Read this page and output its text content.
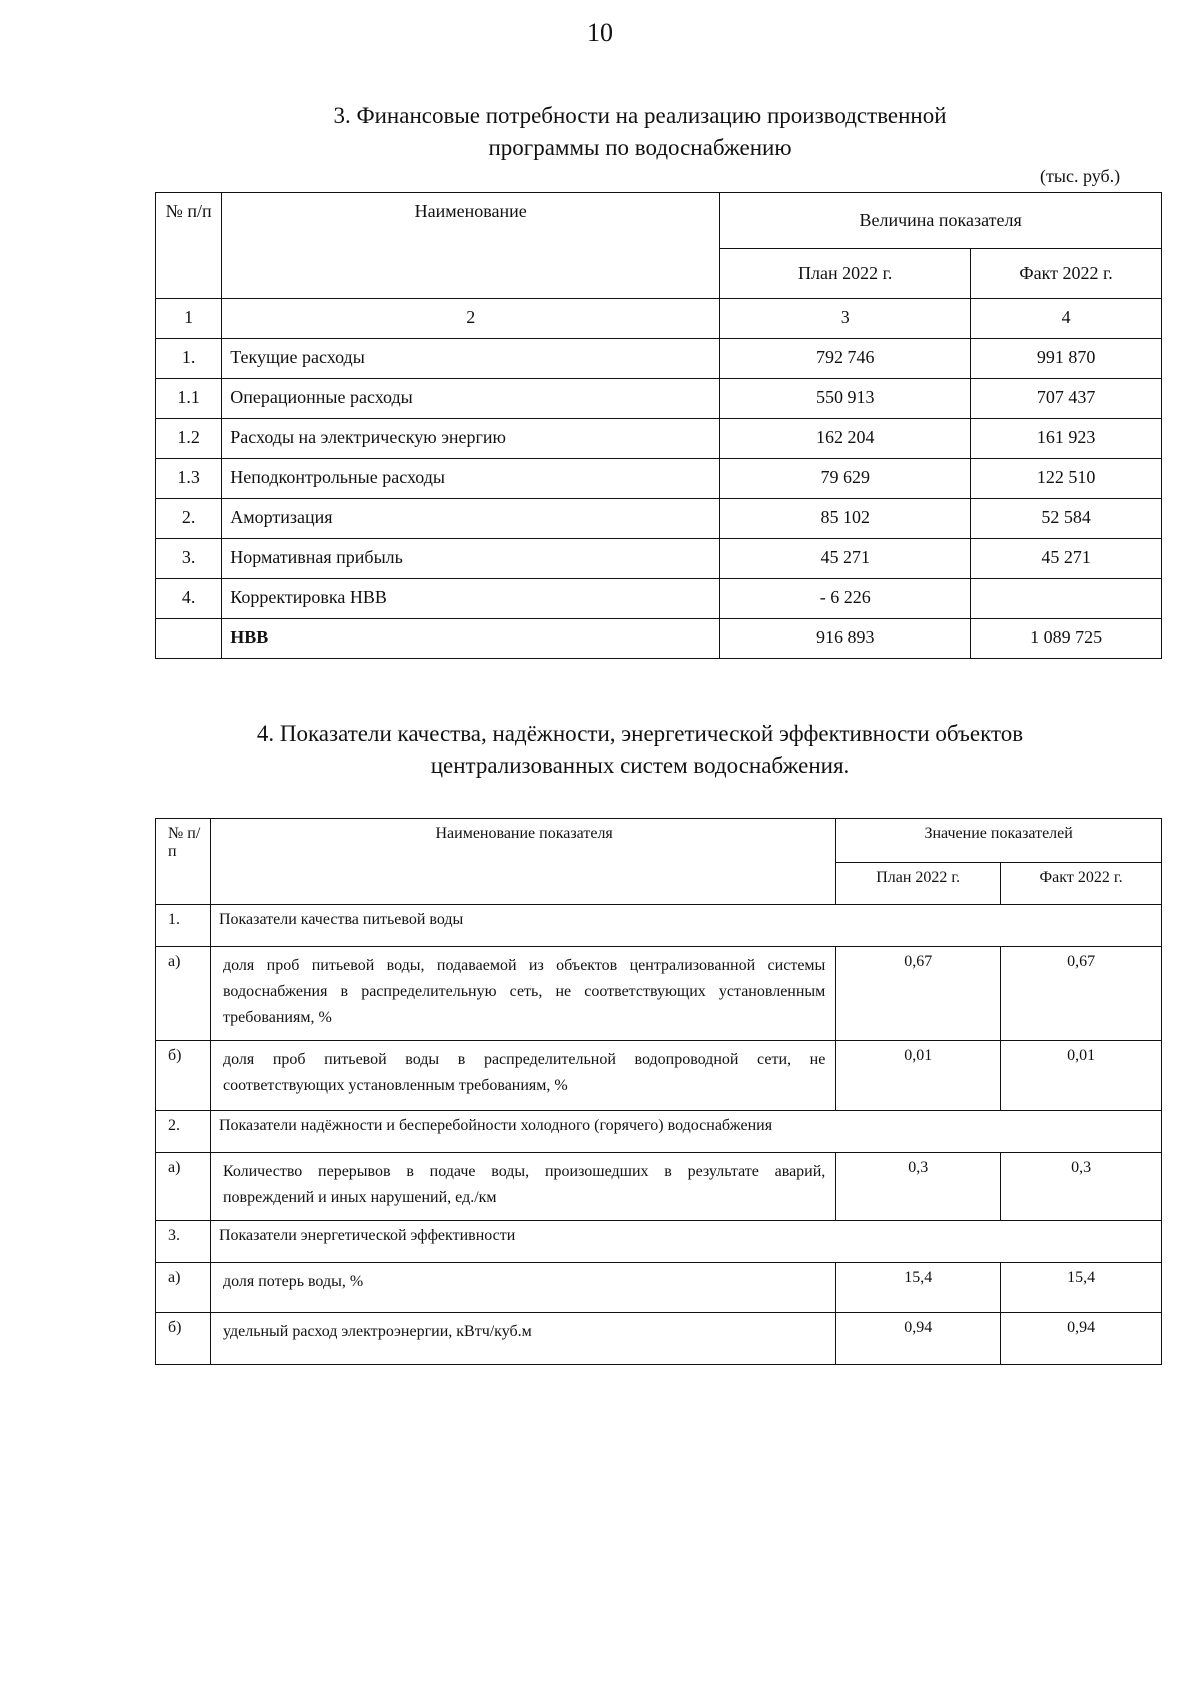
10
3. Финансовые потребности на реализацию производственной
программы по водоснабжению
(тыс. руб.)
№ п/п	Наименование	Величина показателя	
		План 2022 г.	Факт 2022 г.
1	2	3	4
1.	Текущие расходы	792 746	991 870
1.1	Операционные расходы	550 913	707 437
1.2	Расходы на электрическую энергию	162 204	161 923
1.3	Неподконтрольные расходы	79 629	122 510
2.	Амортизация	85 102	52 584
3.	Нормативная прибыль	45 271	45 271
4.	Корректировка НВВ	- 6 226	
	НВВ	916 893	1 089 725
4. Показатели качества, надёжности, энергетической эффективности объектов
централизованных систем водоснабжения.
№ п/п	Наименование показателя	Значение показателей	
		План 2022 г.	Факт 2022 г.
1.	Показатели качества питьевой воды		
а)	доля проб питьевой воды, подаваемой из объектов централизованной системы водоснабжения в распределительную сеть, не соответствующих установленным требованиям, %	0,67	0,67
б)	доля проб питьевой воды в распределительной водопроводной сети, не соответствующих установленным требованиям, %	0,01	0,01
2.	Показатели надёжности и бесперебойности холодного (горячего) водоснабжения		
а)	Количество перерывов в подаче воды, произошедших в результате аварий, повреждений и иных нарушений, ед./км	0,3	0,3
3.	Показатели энергетической эффективности		
а)	доля потерь воды, %	15,4	15,4
б)	удельный расход электроэнергии, кВтч/куб.м	0,94	0,94
